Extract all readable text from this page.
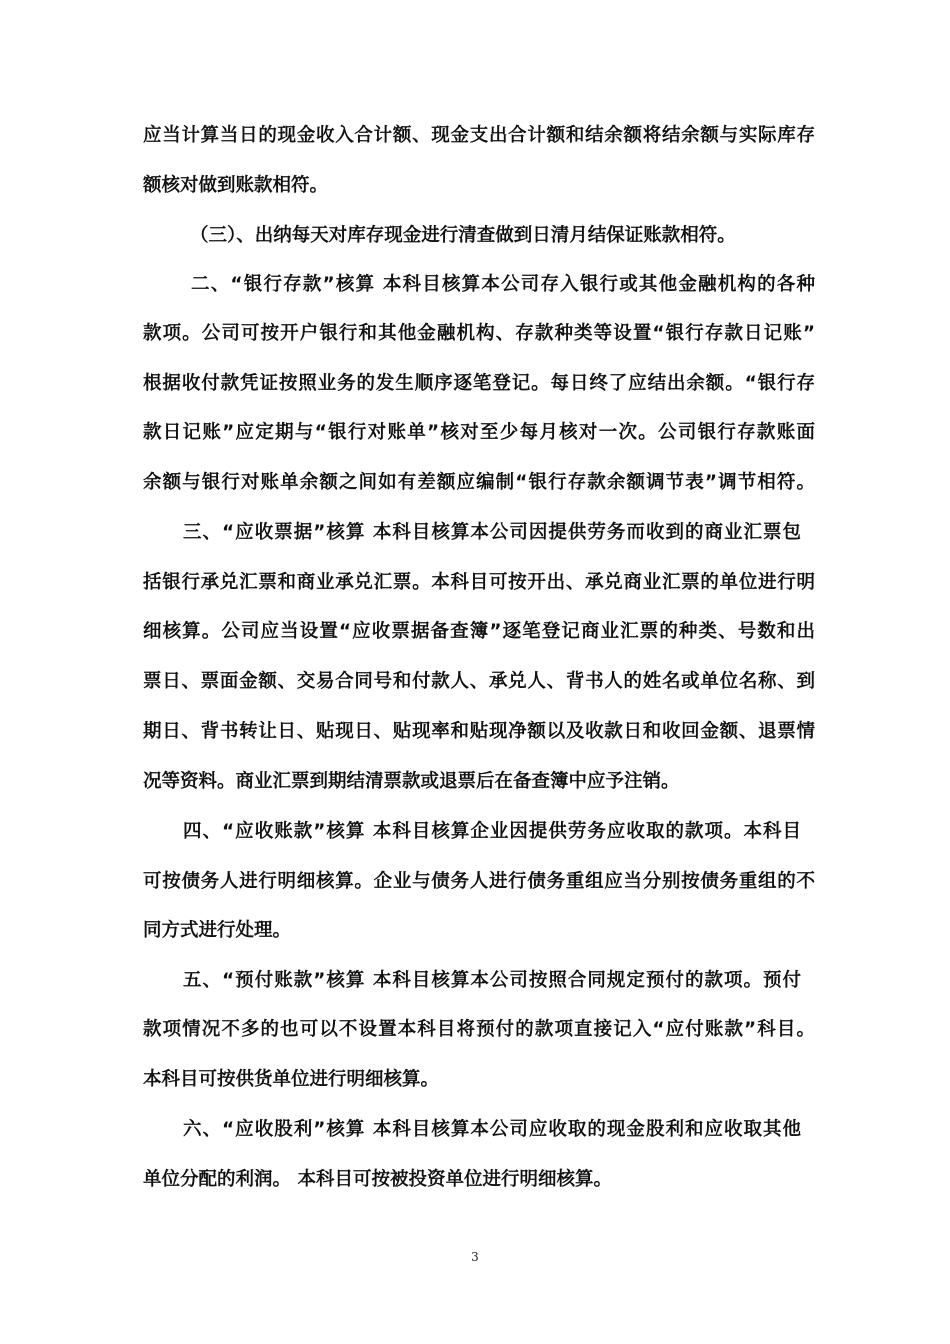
应当计算当日的现金收入合计额、现金支出合计额和结余额将结余额与实际库存
额核对做到账款相符。
（三）、出纳每天对库存现金进行清查做到日清月结保证账款相符。
二、“银行存款”核算 本科目核算本公司存入银行或其他金融机构的各种
款项。公司可按开户银行和其他金融机构、存款种类等设置“银行存款日记账”
根据收付款凭证按照业务的发生顺序逐笔登记。每日终了应结出余额。“银行存
款日记账”应定期与“银行对账单”核对至少每月核对一次。公司银行存款账面
余额与银行对账单余额之间如有差额应编制“银行存款余额调节表”调节相符。
三、“应收票据”核算 本科目核算本公司因提供劳务而收到的商业汇票包
括银行承兑汇票和商业承兑汇票。本科目可按开出、承兑商业汇票的单位进行明
细核算。公司应当设置“应收票据备查簿”逐笔登记商业汇票的种类、号数和出
票日、票面金额、交易合同号和付款人、承兑人、背书人的姓名或单位名称、到
期日、背书转让日、贴现日、贴现率和贴现净额以及收款日和收回金额、退票情
况等资料。商业汇票到期结清票款或退票后在备查簿中应予注销。
四、“应收账款”核算 本科目核算企业因提供劳务应收取的款项。本科目
可按债务人进行明细核算。企业与债务人进行债务重组应当分别按债务重组的不
同方式进行处理。
五、“预付账款”核算 本科目核算本公司按照合同规定预付的款项。预付
款项情况不多的也可以不设置本科目将预付的款项直接记入“应付账款”科目。
本科目可按供货单位进行明细核算。
六、“应收股利”核算 本科目核算本公司应收取的现金股利和应收取其他
单位分配的利润。 本科目可按被投资单位进行明细核算。
3
